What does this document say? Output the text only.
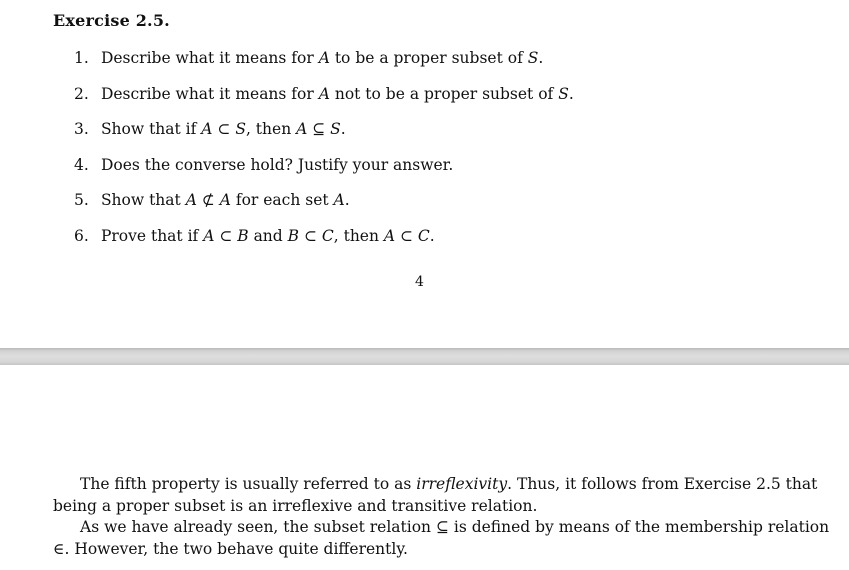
Exercise 2.5.
1. Describe what it means for A to be a proper subset of S.
2. Describe what it means for A not to be a proper subset of S.
3. Show that if A ⊂ S, then A ⊆ S.
4. Does the converse hold? Justify your answer.
5. Show that A ⊄ A for each set A.
6. Prove that if A ⊂ B and B ⊂ C, then A ⊂ C.
4

The fifth property is usually referred to as irreflexivity. Thus, it follows from Exercise 2.5 that
being a proper subset is an irreflexive and transitive relation.

As we have already seen, the subset relation ⊆ is defined by means of the membership relation
∈. However, the two behave quite differently.
